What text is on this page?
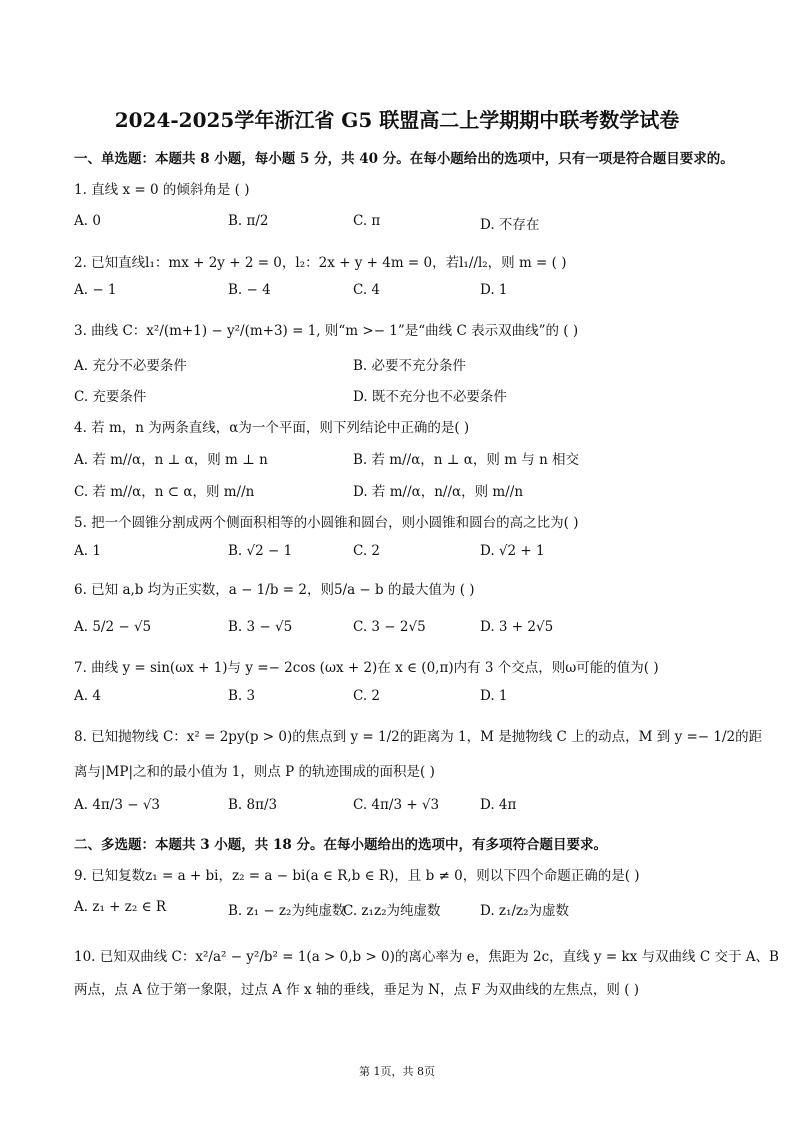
2024-2025学年浙江省 G5 联盟高二上学期期中联考数学试卷
一、单选题：本题共 8 小题，每小题 5 分，共 40 分。在每小题给出的选项中，只有一项是符合题目要求的。
1. 直线 x = 0 的倾斜角是 ( )
A. 0	B. π/2	C. π	D. 不存在
2. 已知直线l₁：mx + 2y + 2 = 0，l₂：2x + y + 4m = 0，若l₁//l₂，则 m = ( )
A. − 1	B. − 4	C. 4	D. 1
3. 曲线 C：x²/(m+1) − y²/(m+3) = 1, 则“m >− 1”是“曲线 C 表示双曲线”的 ( )
A. 充分不必要条件	B. 必要不充分条件
C. 充要条件	D. 既不充分也不必要条件
4. 若 m，n 为两条直线，α为一个平面，则下列结论中正确的是( )
A. 若 m//α，n ⊥ α，则 m ⊥ n	B. 若 m//α，n ⊥ α，则 m 与 n 相交
C. 若 m//α，n ⊂ α，则 m//n	D. 若 m//α，n//α，则 m//n
5. 把一个圆锥分割成两个侧面积相等的小圆锥和圆台，则小圆锥和圆台的高之比为( )
A. 1	B. √2 − 1	C. 2	D. √2 + 1
6. 已知 a,b 均为正实数，a − 1/b = 2，则5/a − b 的最大值为 ( )
A. 5/2 − √5	B. 3 − √5	C. 3 − 2√5	D. 3 + 2√5
7. 曲线 y = sin(ωx + 1)与 y =− 2cos (ωx + 2)在 x ∈ (0,π)内有 3 个交点，则ω可能的值为( )
A. 4	B. 3	C. 2	D. 1
8. 已知抛物线 C：x² = 2py(p > 0)的焦点到 y = 1/2的距离为 1，M 是抛物线 C 上的动点，M 到 y =− 1/2的距
离与|MP|之和的最小值为 1，则点 P 的轨迹围成的面积是( )
A. 4π/3 − √3	B. 8π/3	C. 4π/3 + √3	D. 4π
二、多选题：本题共 3 小题，共 18 分。在每小题给出的选项中，有多项符合题目要求。
9. 已知复数z₁ = a + bi，z₂ = a − bi(a ∈ R,b ∈ R)，且 b ≠ 0，则以下四个命题正确的是( )
A. z₁ + z₂ ∈ R	B. z₁ − z₂为纯虚数
C. z₁z₂为纯虚数	D. z₁/z₂为虚数
10. 已知双曲线 C：x²/a² − y²/b² = 1(a > 0,b > 0)的离心率为 e，焦距为 2c，直线 y = kx 与双曲线 C 交于 A、B
两点，点 A 位于第一象限，过点 A 作 x 轴的垂线，垂足为 N，点 F 为双曲线的左焦点，则 ( )
第 1页，共 8页
